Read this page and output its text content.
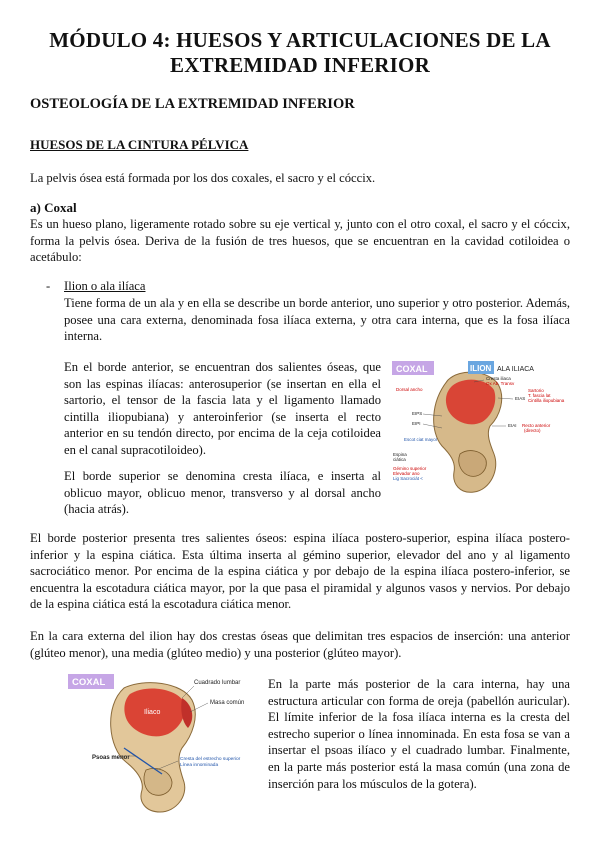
MÓDULO 4: HUESOS Y ARTICULACIONES DE LA EXTREMIDAD INFERIOR
OSTEOLOGÍA DE LA EXTREMIDAD INFERIOR
HUESOS DE LA CINTURA PÉLVICA
La pelvis ósea está formada por los dos coxales, el sacro y el cóccix.
a) Coxal
Es un hueso plano, ligeramente rotado sobre su eje vertical y, junto con el otro coxal, el sacro y el cóccix, forma la pelvis ósea. Deriva de la fusión de tres huesos, que se encuentran en la cavidad cotiloidea o acetábulo:
- Ilion o ala ilíaca
Tiene forma de un ala y en ella se describe un borde anterior, uno superior y otro posterior. Además, posee una cara externa, denominada fosa ilíaca externa, y otra cara interna, que es la fosa ilíaca interna.
En el borde anterior, se encuentran dos salientes óseas, que son las espinas ilíacas: anterosuperior (se insertan en ella el sartorio, el tensor de la fascia lata y el ligamento llamado cintilla iliopubiana) y anteroinferior (se inserta el recto anterior en su tendón directo, por encima de la ceja cotiloidea en el canal supracotiloideo).
El borde superior se denomina cresta ilíaca, e inserta al oblicuo mayor, oblicuo menor, transverso y al dorsal ancho (hacia atrás).
COXAL	ILION ALA ILIACA
Cresta iliaca
Ox Ab. Transv
Dorsal ancho	Sartorio
T. fascia lat
Cintilla iliopubiana
EIAS
EIPS
EIPI	EIAI Recto anterior
(directo)
Escot ciat mayor
Espina
ciática
Gémino superior
Elevador ano
Lig Sacrociát <
El borde posterior presenta tres salientes óseos: espina ilíaca postero-superior, espina ilíaca postero-inferior y la espina ciática. Esta última inserta al gémino superior, elevador del ano y al ligamento sacrociático menor. Por encima de la espina ciática y por debajo de la espina ilíaca postero-inferior, se encuentra la escotadura ciática mayor, por la que pasa el piramidal y algunos vasos y nervios. Por debajo de la espina ciática está la escotadura ciática menor.
En la cara externa del ilion hay dos crestas óseas que delimitan tres espacios de inserción: una anterior (glúteo menor), una media (glúteo medio) y una posterior (glúteo mayor).
COXAL	Cuadrado lumbar
Masa común
Iliaco
Psoas menor	Cresta del estrecho superior
Línea innominada
En la parte más posterior de la cara interna, hay una estructura articular con forma de oreja (pabellón auricular). El límite inferior de la fosa ilíaca interna es la cresta del estrecho superior o línea innominada. En esta fosa se van a insertar el psoas ilíaco y el cuadrado lumbar. Finalmente, en la parte más posterior está la masa común (una zona de inserción para los músculos de la gotera).
